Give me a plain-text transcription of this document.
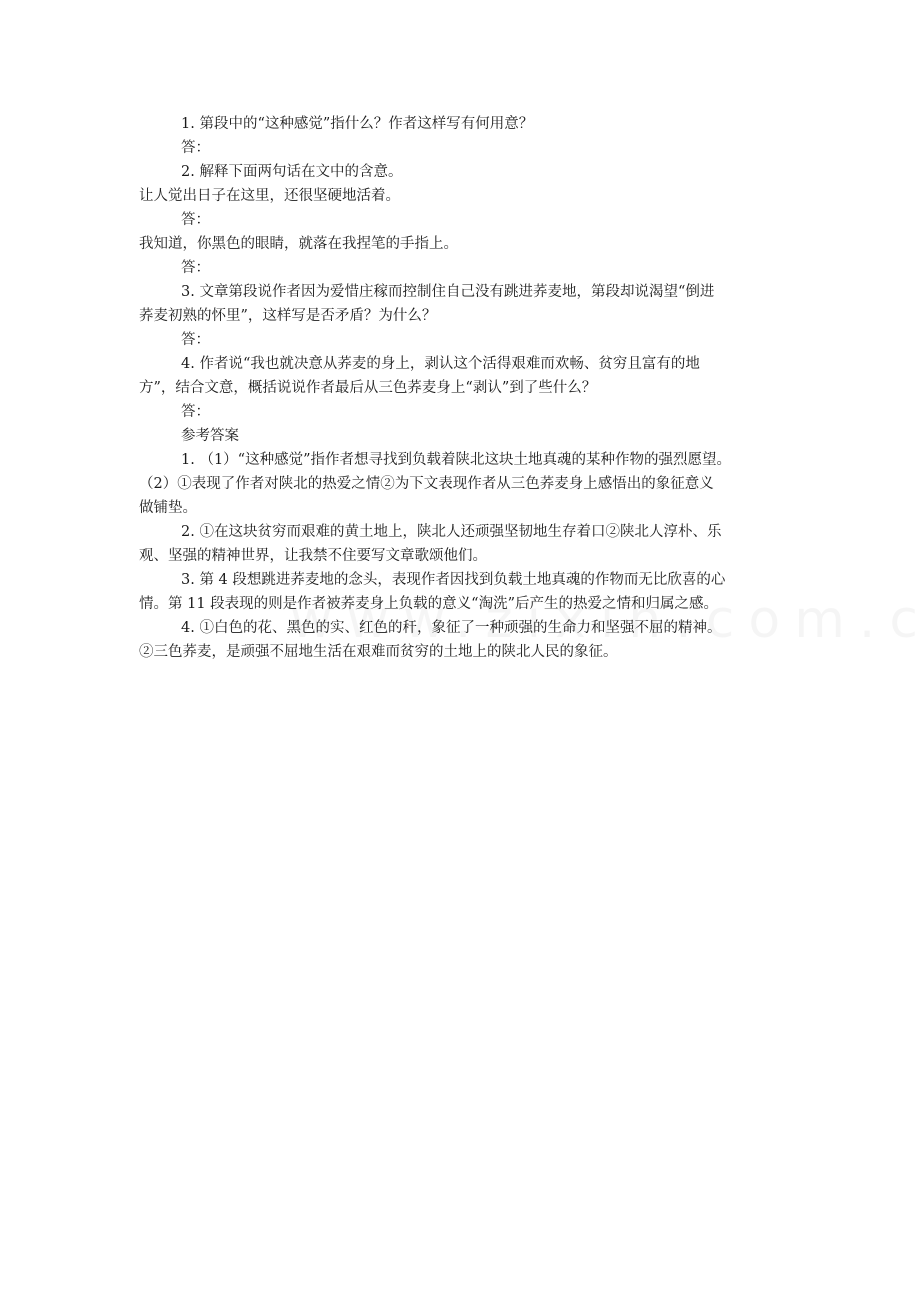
1. 第段中的“这种感觉”指什么？作者这样写有何用意？
答：
2. 解释下面两句话在文中的含意。
让人觉出日子在这里，还很坚硬地活着。
答：
我知道，你黑色的眼睛，就落在我捏笔的手指上。
答：
3. 文章第段说作者因为爱惜庄稼而控制住自己没有跳进荞麦地，第段却说渴望“倒进
荞麦初熟的怀里”，这样写是否矛盾？为什么？
答：
4. 作者说“我也就决意从荞麦的身上，剥认这个活得艰难而欢畅、贫穷且富有的地
方”，结合文意，概括说说作者最后从三色荞麦身上“剥认”到了些什么？
答：
参考答案
1. （1）“这种感觉”指作者想寻找到负载着陕北这块土地真魂的某种作物的强烈愿望。
（2）①表现了作者对陕北的热爱之情②为下文表现作者从三色荞麦身上感悟出的象征意义
做铺垫。
2. ①在这块贫穷而艰难的黄土地上，陕北人还顽强坚韧地生存着口②陕北人淳朴、乐
观、坚强的精神世界，让我禁不住要写文章歌颂他们。
3. 第 4 段想跳进荞麦地的念头，表现作者因找到负载土地真魂的作物而无比欣喜的心
情。第 11 段表现的则是作者被荞麦身上负载的意义“淘洗”后产生的热爱之情和归属之感。
4. ①白色的花、黑色的实、红色的秆，象征了一种顽强的生命力和坚强不屈的精神。
②三色荞麦，是顽强不屈地生活在艰难而贫穷的土地上的陕北人民的象征。
